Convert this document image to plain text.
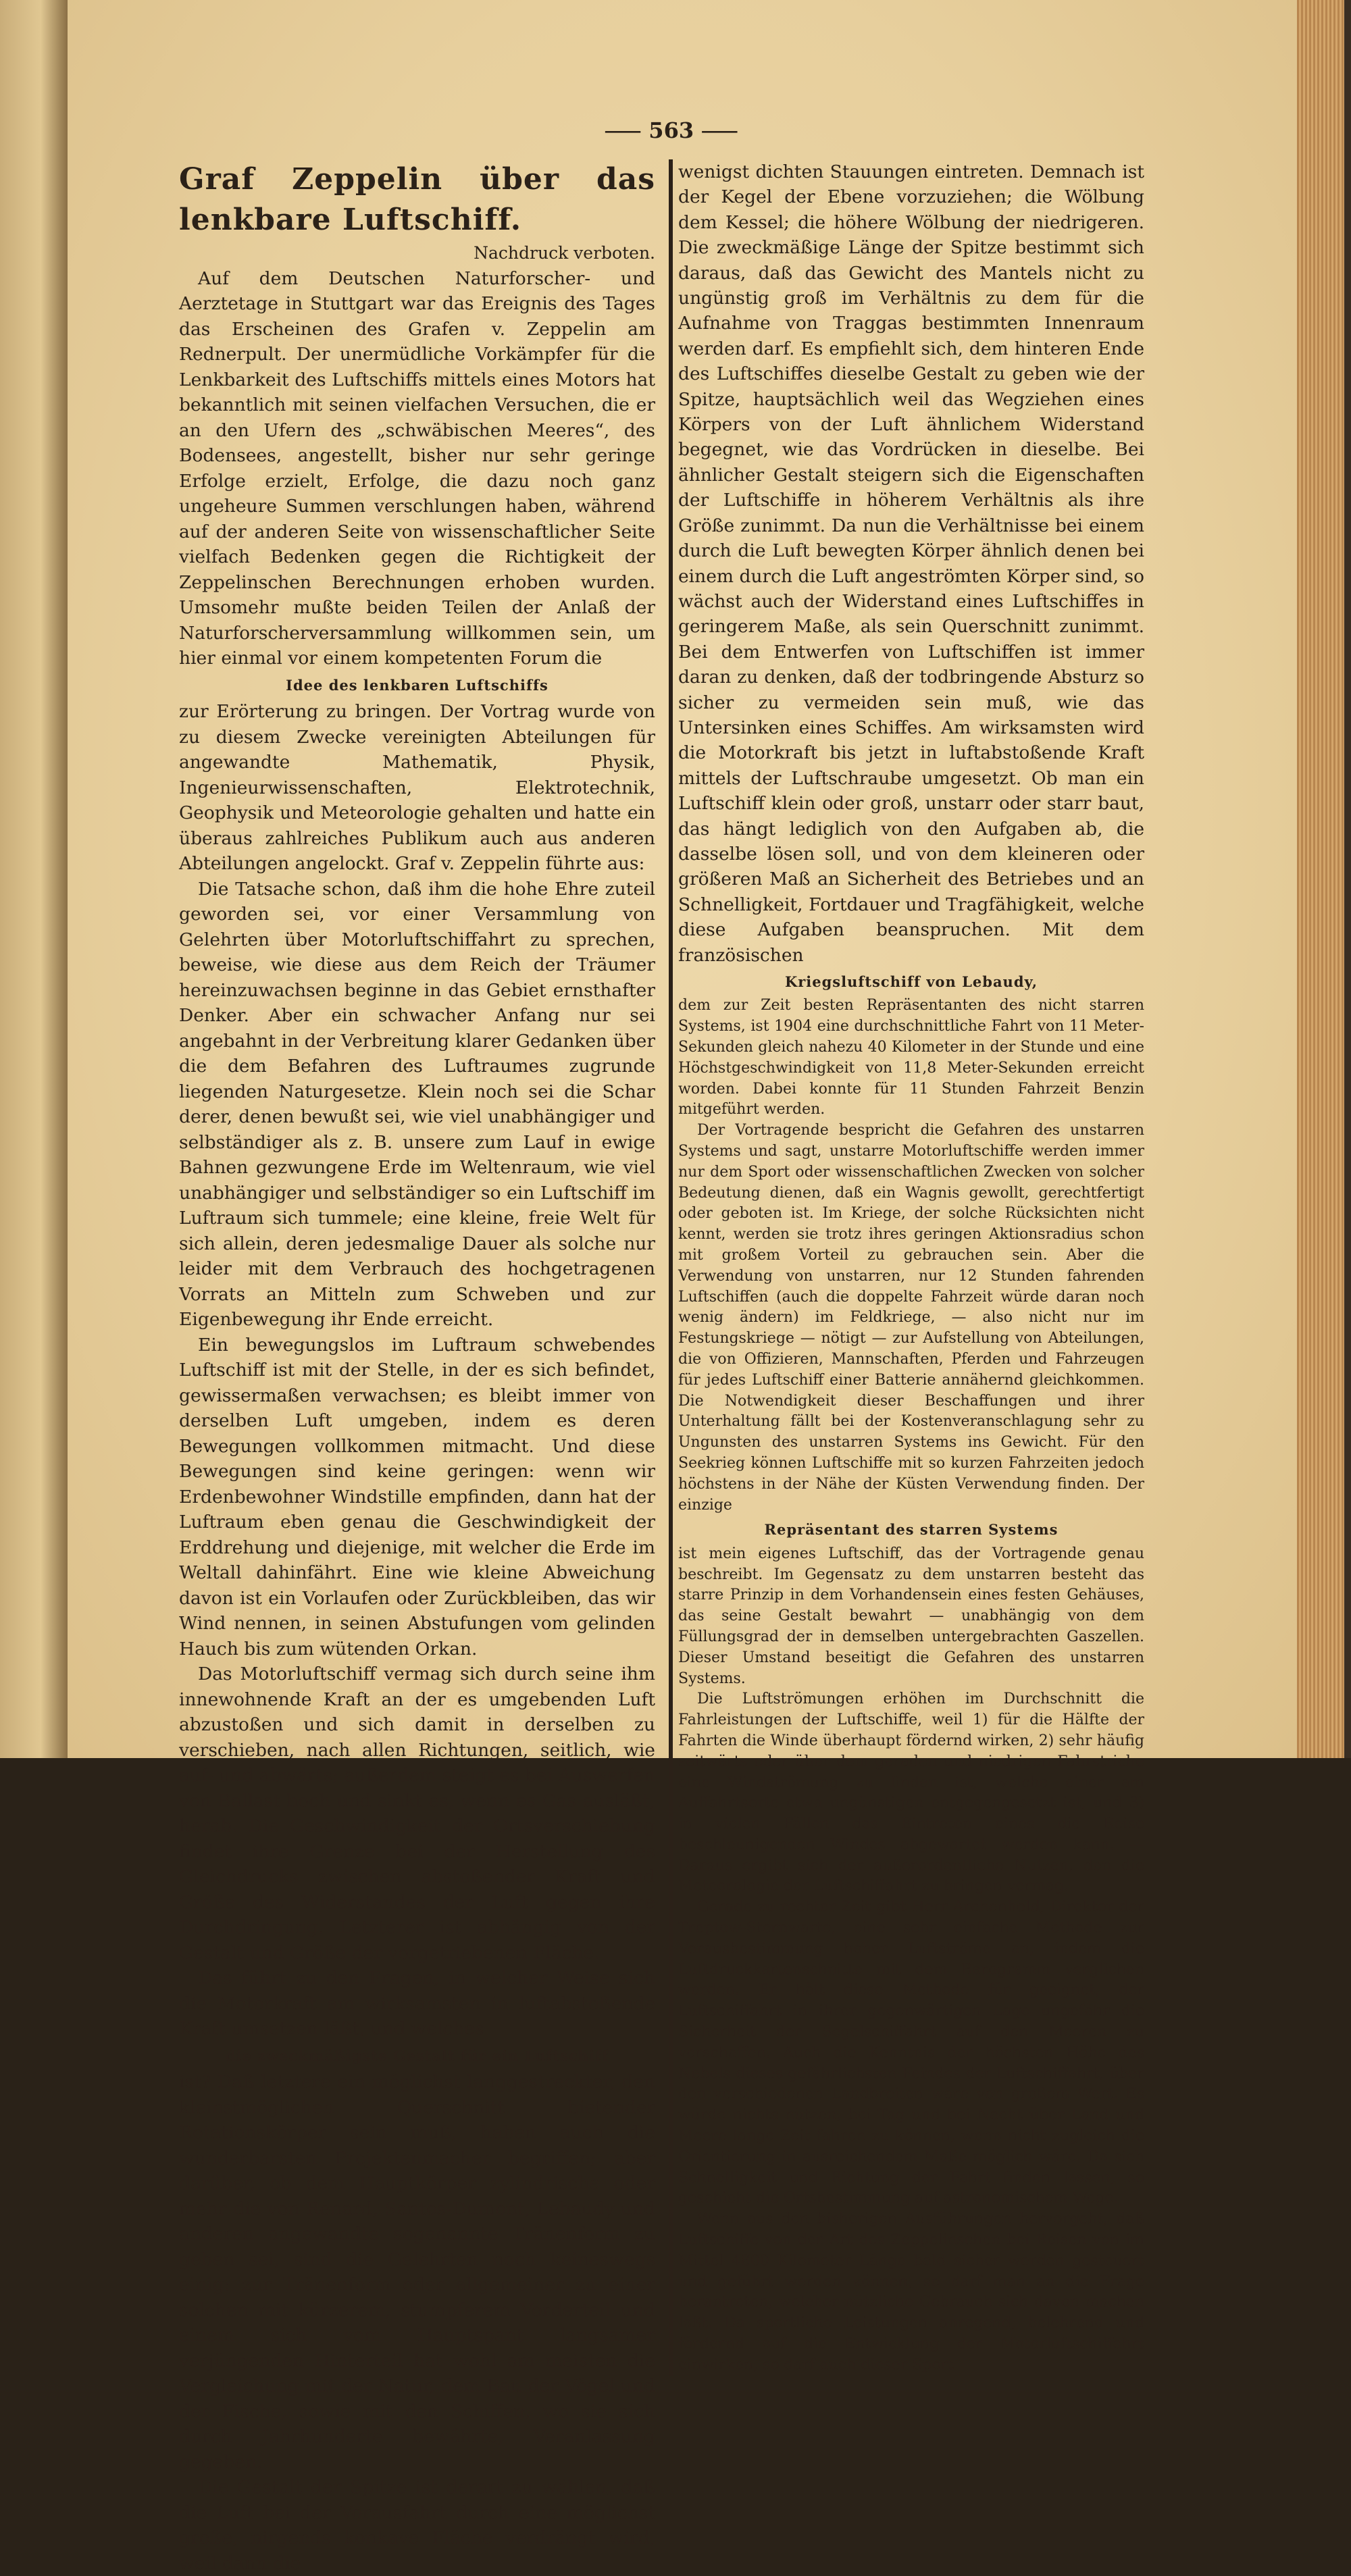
⸺ 563 ⸺
Graf Zeppelin über das lenkbare Luftschiff.
Nachdruck verboten.

Auf dem Deutschen Naturforscher- und Aerztetage in Stuttgart war das Ereignis des Tages das Erscheinen des Grafen v. Zeppelin am Rednerpult. Der unermüdliche Vorkämpfer für die Lenkbarkeit des Luftschiffs mittels eines Motors hat bekanntlich mit seinen vielfachen Versuchen, die er an den Ufern des „schwäbischen Meeres“, des Bodensees, angestellt, bisher nur sehr geringe Erfolge erzielt, Erfolge, die dazu noch ganz ungeheure Summen verschlungen haben, während auf der anderen Seite von wissenschaftlicher Seite vielfach Bedenken gegen die Richtigkeit der Zeppelinschen Berechnungen erhoben wurden. Umsomehr mußte beiden Teilen der Anlaß der Naturforscherversammlung willkommen sein, um hier einmal vor einem kompetenten Forum die

Idee des lenkbaren Luftschiffs

zur Erörterung zu bringen. Der Vortrag wurde von zu diesem Zwecke vereinigten Abteilungen für angewandte Mathematik, Physik, Ingenieurwissenschaften, Elektrotechnik, Geophysik und Meteorologie gehalten und hatte ein überaus zahlreiches Publikum auch aus anderen Abteilungen angelockt. Graf v. Zeppelin führte aus:

Die Tatsache schon, daß ihm die hohe Ehre zuteil geworden sei, vor einer Versammlung von Gelehrten über Motorluftschiffahrt zu sprechen, beweise, wie diese aus dem Reich der Träumer hereinzuwachsen beginne in das Gebiet ernsthafter Denker. Aber ein schwacher Anfang nur sei angebahnt in der Verbreitung klarer Gedanken über die dem Befahren des Luftraumes zugrunde liegenden Naturgesetze. Klein noch sei die Schar derer, denen bewußt sei, wie viel unabhängiger und selbständiger als z. B. unsere zum Lauf in ewige Bahnen gezwungene Erde im Weltenraum, wie viel unabhängiger und selbständiger so ein Luftschiff im Luftraum sich tummele; eine kleine, freie Welt für sich allein, deren jedesmalige Dauer als solche nur leider mit dem Verbrauch des hochgetragenen Vorrats an Mitteln zum Schweben und zur Eigenbewegung ihr Ende erreicht.

Ein bewegungslos im Luftraum schwebendes Luftschiff ist mit der Stelle, in der es sich befindet, gewissermaßen verwachsen; es bleibt immer von derselben Luft umgeben, indem es deren Bewegungen vollkommen mitmacht. Und diese Bewegungen sind keine geringen: wenn wir Erdenbewohner Windstille empfinden, dann hat der Luftraum eben genau die Geschwindigkeit der Erddrehung und diejenige, mit welcher die Erde im Weltall dahinfährt. Eine wie kleine Abweichung davon ist ein Vorlaufen oder Zurückbleiben, das wir Wind nennen, in seinen Abstufungen vom gelinden Hauch bis zum wütenden Orkan.

Das Motorluftschiff vermag sich durch seine ihm innewohnende Kraft an der es umgebenden Luft abzustoßen und sich damit in derselben zu verschieben, nach allen Richtungen, seitlich, wie auf- und abwärts; außerdem steigt es bei Auswerfen von Ballast hoch und sinkt es, wenn es Gas ausläßt, herab. Die Geschwindigkeit der Ortsverschiebung findet ihre Grenze bei der Herstellung des Gleichdrucks zwischen abstoßender Kraft und Größe des Widerstandes der Luft gegen ihre Durchdringung. Letzterer ist abhängig von der Gestalt und Größe der vorgetriebenen Fläche.

Das führt zu den Fragen, in welcher Weise sich die Motorkraft am wirksamsten in luftabstoßende Kraft umsetzen läßt, und welches

die zweckmäßigste Gestalt für ein Luftschiff

ist? Daß letztere ein möglichst langgestreckter, den kleinstmöglichen Querschnitt bietender Rotationskörper sein muß, haben auch die wunderbarsten Projektenmacher begriffen; aber darüber, ob dem Hauptkörper zylindrische oder mehr die von Renard, Santos-Dumont, Lebaudy und anderen angewandte sogenannte Tränenform zu geben sei, sind die Gelehrten noch keineswegs einig: zur Tränenform oder allgemeiner zu einer solchen mit kürzerem, stumpferem Vorderteil und einem sich vom Hauptspant langsamer verjüngenden Hinterteil hat wohl am meisten die Vergleichung mit der Natur, dem Bau der Vögel und der Fische, sowie mit den Schiffen, wo sie sich durch Jahrhunderte bewährte, Veranlassung gegeben.

Die Gestalt der Spitze ist derart zu wählen, daß die Luft bei der Vorausfahrt durch eine möglichst große, nirgends konkave Fläche verdrängt wird, weil dann die

wenigst dichten Stauungen eintreten. Demnach ist der Kegel der Ebene vorzuziehen; die Wölbung dem Kessel; die höhere Wölbung der niedrigeren. Die zweckmäßige Länge der Spitze bestimmt sich daraus, daß das Gewicht des Mantels nicht zu ungünstig groß im Verhältnis zu dem für die Aufnahme von Traggas bestimmten Innenraum werden darf. Es empfiehlt sich, dem hinteren Ende des Luftschiffes dieselbe Gestalt zu geben wie der Spitze, hauptsächlich weil das Wegziehen eines Körpers von der Luft ähnlichem Widerstand begegnet, wie das Vordrücken in dieselbe. Bei ähnlicher Gestalt steigern sich die Eigenschaften der Luftschiffe in höherem Verhältnis als ihre Größe zunimmt. Da nun die Verhältnisse bei einem durch die Luft bewegten Körper ähnlich denen bei einem durch die Luft angeströmten Körper sind, so wächst auch der Widerstand eines Luftschiffes in geringerem Maße, als sein Querschnitt zunimmt. Bei dem Entwerfen von Luftschiffen ist immer daran zu denken, daß der todbringende Absturz so sicher zu vermeiden sein muß, wie das Untersinken eines Schiffes. Am wirksamsten wird die Motorkraft bis jetzt in luftabstoßende Kraft mittels der Luftschraube umgesetzt. Ob man ein Luftschiff klein oder groß, unstarr oder starr baut, das hängt lediglich von den Aufgaben ab, die dasselbe lösen soll, und von dem kleineren oder größeren Maß an Sicherheit des Betriebes und an Schnelligkeit, Fortdauer und Tragfähigkeit, welche diese Aufgaben beanspruchen. Mit dem französischen

Kriegsluftschiff von Lebaudy,

dem zur Zeit besten Repräsentanten des nicht starren Systems, ist 1904 eine durchschnittliche Fahrt von 11 Meter-Sekunden gleich nahezu 40 Kilometer in der Stunde und eine Höchstgeschwindigkeit von 11,8 Meter-Sekunden erreicht worden. Dabei konnte für 11 Stunden Fahrzeit Benzin mitgeführt werden.

Der Vortragende bespricht die Gefahren des unstarren Systems und sagt, unstarre Motorluftschiffe werden immer nur dem Sport oder wissenschaftlichen Zwecken von solcher Bedeutung dienen, daß ein Wagnis gewollt, gerechtfertigt oder geboten ist. Im Kriege, der solche Rücksichten nicht kennt, werden sie trotz ihres geringen Aktionsradius schon mit großem Vorteil zu gebrauchen sein. Aber die Verwendung von unstarren, nur 12 Stunden fahrenden Luftschiffen (auch die doppelte Fahrzeit würde daran noch wenig ändern) im Feldkriege, — also nicht nur im Festungskriege — nötigt — zur Aufstellung von Abteilungen, die von Offizieren, Mannschaften, Pferden und Fahrzeugen für jedes Luftschiff einer Batterie annähernd gleichkommen. Die Notwendigkeit dieser Beschaffungen und ihrer Unterhaltung fällt bei der Kostenveranschlagung sehr zu Ungunsten des unstarren Systems ins Gewicht. Für den Seekrieg können Luftschiffe mit so kurzen Fahrzeiten jedoch höchstens in der Nähe der Küsten Verwendung finden. Der einzige

Repräsentant des starren Systems

ist mein eigenes Luftschiff, das der Vortragende genau beschreibt. Im Gegensatz zu dem unstarren besteht das starre Prinzip in dem Vorhandensein eines festen Gehäuses, das seine Gestalt bewahrt — unabhängig von dem Füllungsgrad der in demselben untergebrachten Gaszellen. Dieser Umstand beseitigt die Gefahren des unstarren Systems.

Die Luftströmungen erhöhen im Durchschnitt die Fahrleistungen der Luftschiffe, weil 1) für die Hälfte der Fahrten die Winde überhaupt fördernd wirken, 2) sehr häufig seitwärts oder über dem geraden und niedrigen Fahrstriche eine Windströmung zu finden ist, welche einer am Auffahrtsorte etwa ungünstigen entgegengesetzt ist, und 3) in vielen Fällen das Eintreten eines die Reise beschleunigenden Windes abgewartet werden kann. — Daraus ergibt sich der außerordentliche Nutzen, den die Meteorologie der Luftschiffahrt zu bringen vermag.

Gerade zu rechter Zeit gibt Herr Archenhold, Direktor der Treptow-Sternwarte, eine sehr einfache Methode zur Vorausbestimmung hoher Luftströme an, indem die Luftdruckkartenschnitte mit dem Barogramm verglichen werden. Er hält diese Methode für geeignet, der Luftschiffahrt in ihrer gegenwärtigen Lage ungefähr die Sicherheit der Segelschiffahrt auf den Meeren zu verschaffen. Auch die Kenntnis der höchsten Höhe des Nebels dieses gefährlichsten Feindes der Luftschiffahrt, über den verschiedenen Landbreiten wäre von großem Wert. Es würde nichts nützen, bei Tag und bei Nacht über Land und Meere lange Zeit fahren zu können, wenn nicht zugleich die Orientierung in ausreichendem Maße möglich wäre. Da sich Schnelligkeit und Richtung der Fahrt finden lassen, so geschieht die Ortsbestimmung auf astronomischem Wege.

Wenn aus den bisherigen Ausführungen hervorgeht, daß Luftschiffe von der Art des Zeppelinschen bei Reisen von im Mittel 4800 Kilometer Länge bald sicher werden gesteuert und geführt werden können, so darf man an die Frage herantreten, welcher nützliche Gebrauch sich davon machen läßt. Da sportliche Leistungen anregend, belehrend und fördernd auf die Entwicklung der Motorluftschiffahrt einwirken, so darf auch dieser Sport
